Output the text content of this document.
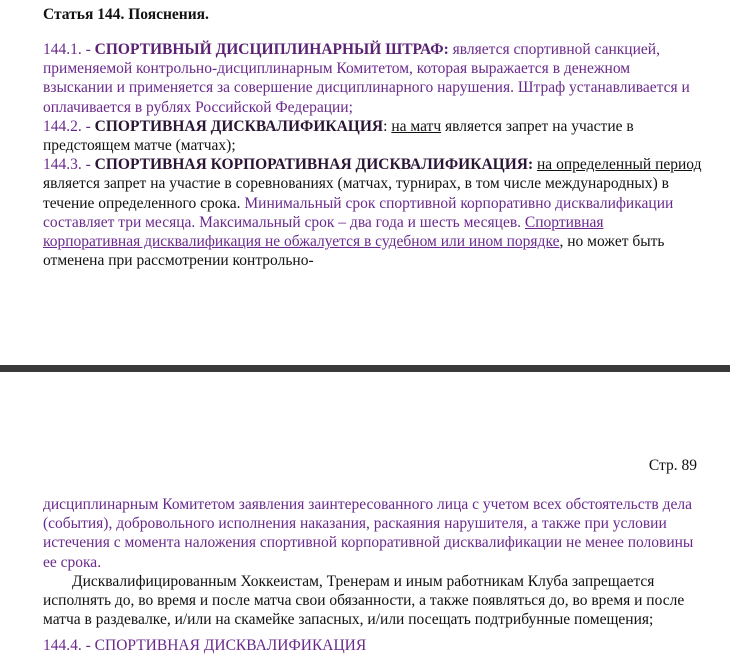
Статья 144. Пояснения.
144.1. - СПОРТИВНЫЙ ДИСЦИПЛИНАРНЫЙ ШТРАФ: является спортивной санкцией, применяемой контрольно-дисциплинарным Комитетом, которая выражается в денежном взыскании и применяется за совершение дисциплинарного нарушения. Штраф устанавливается и оплачивается в рублях Российской Федерации;
144.2. - СПОРТИВНАЯ ДИСКВАЛИФИКАЦИЯ: на матч является запрет на участие в предстоящем матче (матчах);
144.3. - СПОРТИВНАЯ КОРПОРАТИВНАЯ ДИСКВАЛИФИКАЦИЯ: на определенный период является запрет на участие в соревнованиях (матчах, турнирах, в том числе международных) в течение определенного срока. Минимальный срок спортивной корпоративно дисквалификации составляет три месяца. Максимальный срок – два года и шесть месяцев. Спортивная корпоративная дисквалификация не обжалуется в судебном или ином порядке, но может быть отменена при рассмотрении контрольно-
Стр. 89
дисциплинарным Комитетом заявления заинтересованного лица с учетом всех обстоятельств дела (события), добровольного исполнения наказания, раскаяния нарушителя, а также при условии истечения с момента наложения спортивной корпоративной дисквалификации не менее половины ее срока.
Дисквалифицированным Хоккеистам, Тренерам и иным работникам Клуба запрещается исполнять до, во время и после матча свои обязанности, а также появляться до, во время и после матча в раздевалке, и/или на скамейке запасных, и/или посещать подтрибунные помещения;
144.4. - СПОРТИВНАЯ ДИСКВАЛИФИКАЦИЯ
